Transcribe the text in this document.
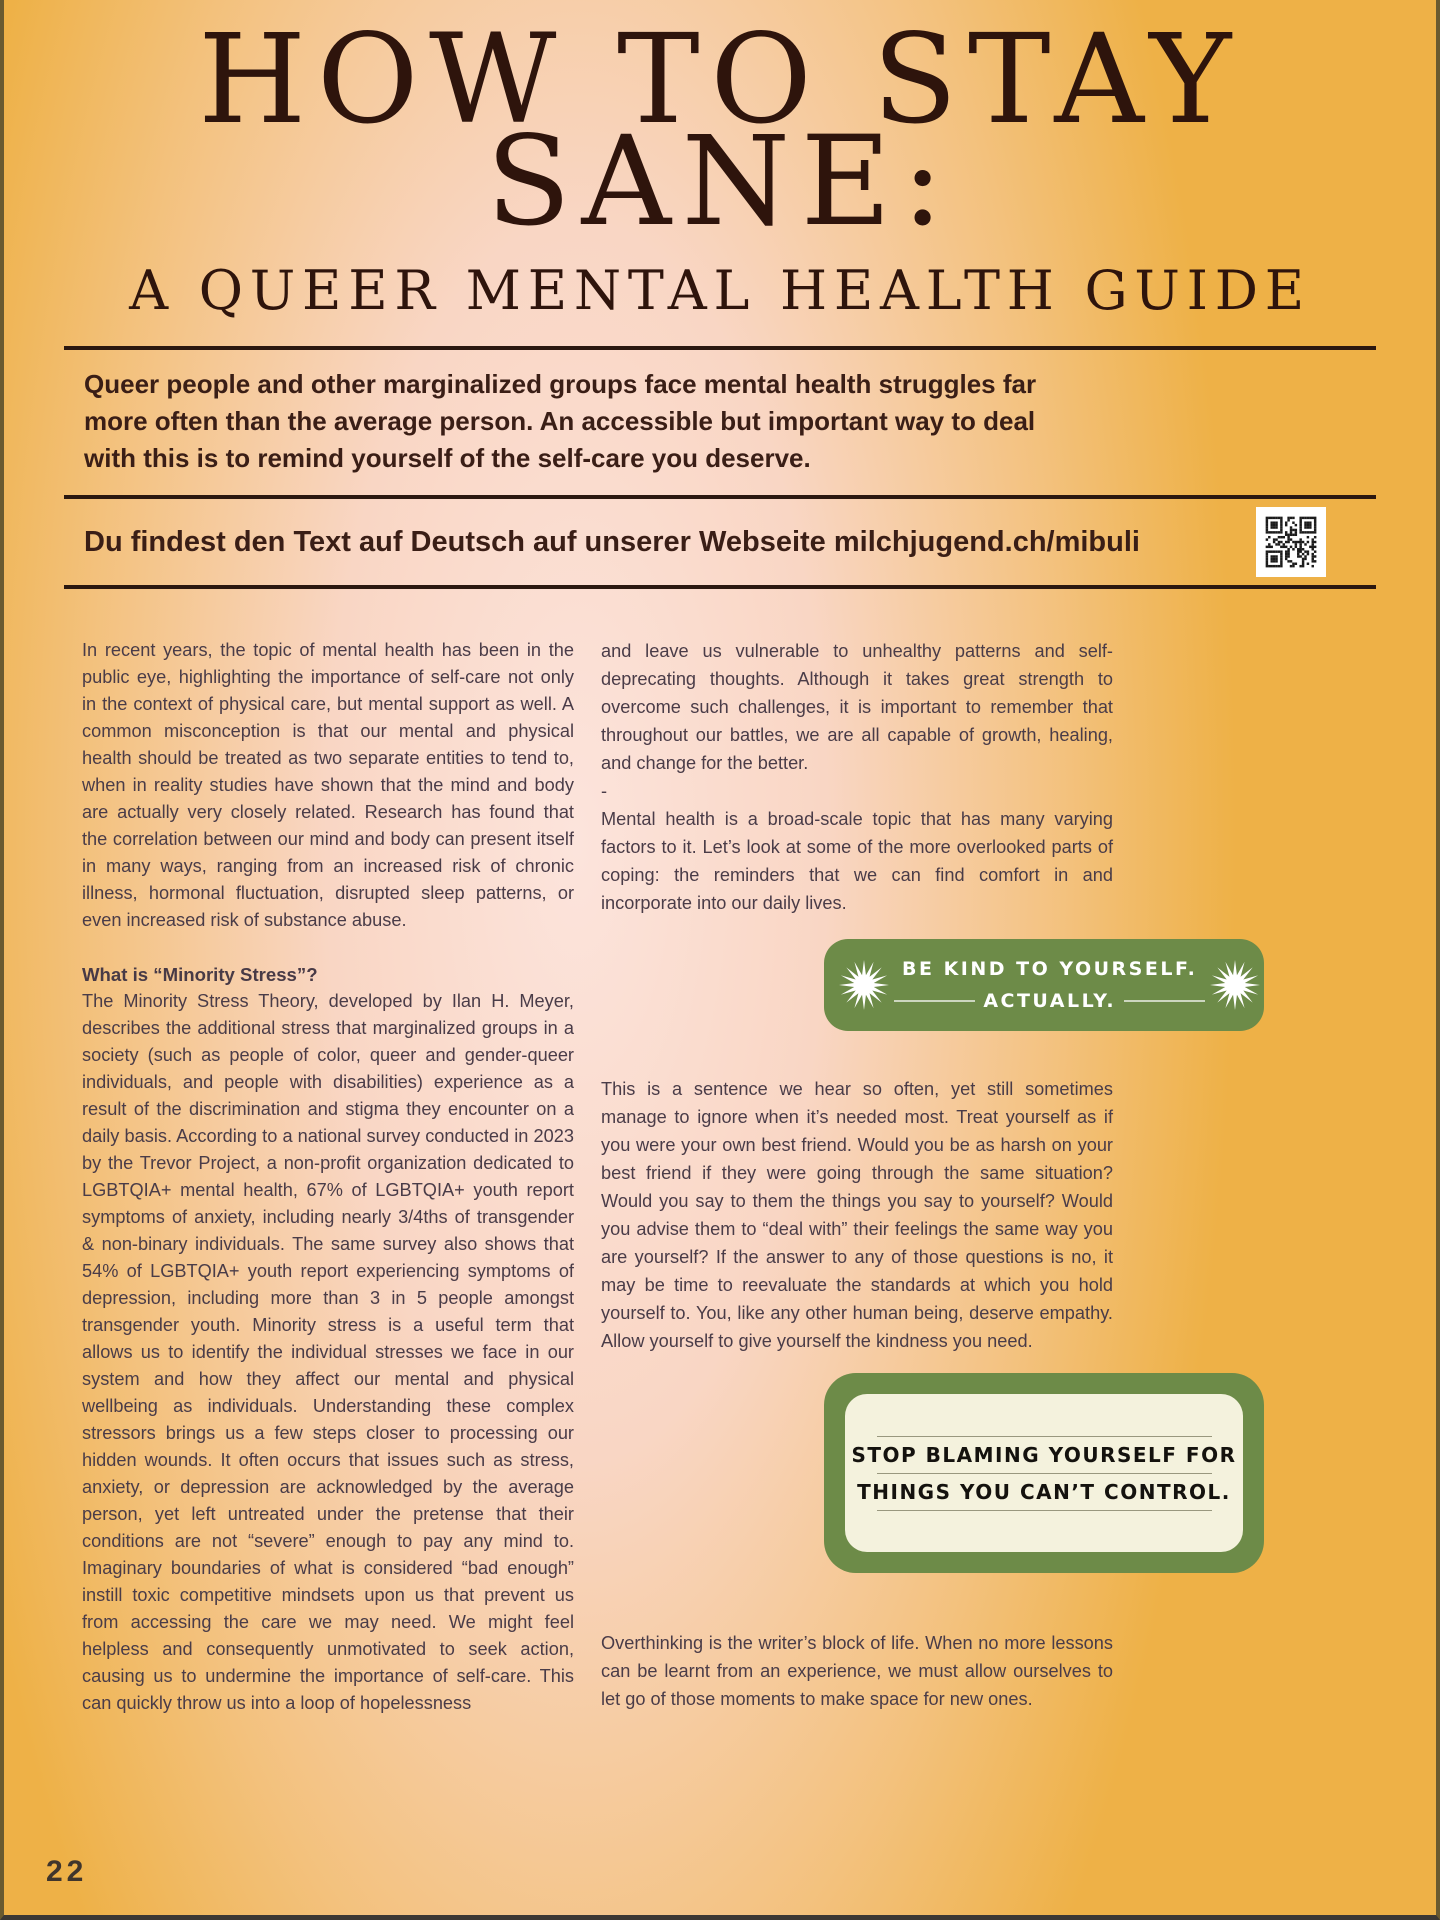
HOW TO STAY
SANE:
A QUEER MENTAL HEALTH GUIDE

Queer people and other marginalized groups face mental health struggles far more often than the average person. An accessible but important way to deal with this is to remind yourself of the self-care you deserve.

Du findest den Text auf Deutsch auf unserer Webseite milchjugend.ch/mibuli

In recent years, the topic of mental health has been in the public eye, highlighting the importance of self-care not only in the context of physical care, but mental support as well. A common misconception is that our mental and physical health should be treated as two separate entities to tend to, when in reality studies have shown that the mind and body are actually very closely related. Research has found that the correlation between our mind and body can present itself in many ways, ranging from an increased risk of chronic illness, hormonal fluctuation, disrupted sleep patterns, or even increased risk of substance abuse.

What is “Minority Stress”?

The Minority Stress Theory, developed by Ilan H. Meyer, describes the additional stress that marginalized groups in a society (such as people of color, queer and gender-queer individuals, and people with disabilities) experience as a result of the discrimination and stigma they encounter on a daily basis. According to a national survey conducted in 2023 by the Trevor Project, a non-profit organization dedicated to LGBTQIA+ mental health, 67% of LGBTQIA+ youth report symptoms of anxiety, including nearly 3/4ths of transgender & non-binary individuals. The same survey also shows that 54% of LGBTQIA+ youth report experiencing symptoms of depression, including more than 3 in 5 people amongst transgender youth. Minority stress is a useful term that allows us to identify the individual stresses we face in our system and how they affect our mental and physical wellbeing as individuals. Understanding these complex stressors brings us a few steps closer to processing our hidden wounds. It often occurs that issues such as stress, anxiety, or depression are acknowledged by the average person, yet left untreated under the pretense that their conditions are not “severe” enough to pay any mind to. Imaginary boundaries of what is considered “bad enough” instill toxic competitive mindsets upon us that prevent us from accessing the care we may need. We might feel helpless and consequently unmotivated to seek action, causing us to undermine the importance of self-care. This can quickly throw us into a loop of hopelessness

and leave us vulnerable to unhealthy patterns and self-deprecating thoughts. Although it takes great strength to overcome such challenges, it is important to remember that throughout our battles, we are all capable of growth, healing, and change for the better.

-

Mental health is a broad-scale topic that has many varying factors to it. Let’s look at some of the more overlooked parts of coping: the reminders that we can find comfort in and incorporate into our daily lives.

BE KIND TO YOURSELF.
ACTUALLY.

This is a sentence we hear so often, yet still sometimes manage to ignore when it’s needed most. Treat yourself as if you were your own best friend. Would you be as harsh on your best friend if they were going through the same situation? Would you say to them the things you say to yourself? Would you advise them to “deal with” their feelings the same way you are yourself? If the answer to any of those questions is no, it may be time to reevaluate the standards at which you hold yourself to. You, like any other human being, deserve empathy. Allow yourself to give yourself the kindness you need.

STOP BLAMING YOURSELF FOR
THINGS YOU CAN’T CONTROL.

Overthinking is the writer’s block of life. When no more lessons can be learnt from an experience, we must allow ourselves to let go of those moments to make space for new ones.

22
